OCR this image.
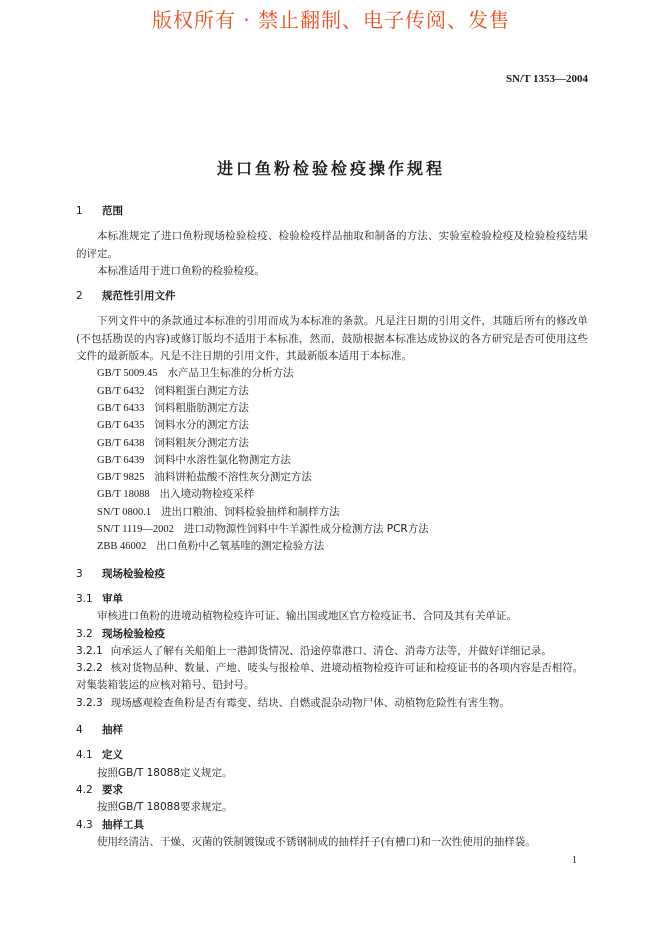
版权所有 · 禁止翻制、电子传阅、发售
SN/T 1353—2004
进口鱼粉检验检疫操作规程
1 范围
本标准规定了进口鱼粉现场检验检疫、检验检疫样品抽取和制备的方法、实验室检验检疫及检验检疫结果的评定。
本标准适用于进口鱼粉的检验检疫。
2 规范性引用文件
下列文件中的条款通过本标准的引用而成为本标准的条款。凡是注日期的引用文件，其随后所有的修改单(不包括勘误的内容)或修订版均不适用于本标准，然而，鼓励根据本标准达成协议的各方研究是否可使用这些文件的最新版本。凡是不注日期的引用文件，其最新版本适用于本标准。
GB/T 5009.45 水产品卫生标准的分析方法
GB/T 6432 饲料粗蛋白测定方法
GB/T 6433 饲料粗脂肪测定方法
GB/T 6435 饲料水分的测定方法
GB/T 6438 饲料粗灰分测定方法
GB/T 6439 饲料中水溶性氯化物测定方法
GB/T 9825 油料饼粕盐酸不溶性灰分测定方法
GB/T 18088 出入境动物检疫采样
SN/T 0800.1 进出口粮油、饲料检验抽样和制样方法
SN/T 1119—2002 进口动物源性饲料中牛羊源性成分检测方法 PCR方法
ZBB 46002 出口鱼粉中乙氧基喹的测定检验方法
3 现场检验检疫
3.1 审单
审核进口鱼粉的进境动植物检疫许可证、输出国或地区官方检疫证书、合同及其有关单证。
3.2 现场检验检疫
3.2.1 向承运人了解有关船舶上一港卸货情况、沿途停靠港口、清仓、消毒方法等，并做好详细记录。
3.2.2 核对货物品种、数量、产地、唛头与报检单、进境动植物检疫许可证和检疫证书的各项内容是否相符。对集装箱装运的应核对箱号、铅封号。
3.2.3 现场感观检查鱼粉是否有霉变、结块、自燃或混杂动物尸体、动植物危险性有害生物。
4 抽样
4.1 定义
按照GB/T 18088定义规定。
4.2 要求
按照GB/T 18088要求规定。
4.3 抽样工具
使用经清洁、干燥、灭菌的铁制镀镍或不锈钢制成的抽样扦子(有槽口)和一次性使用的抽样袋。
1
